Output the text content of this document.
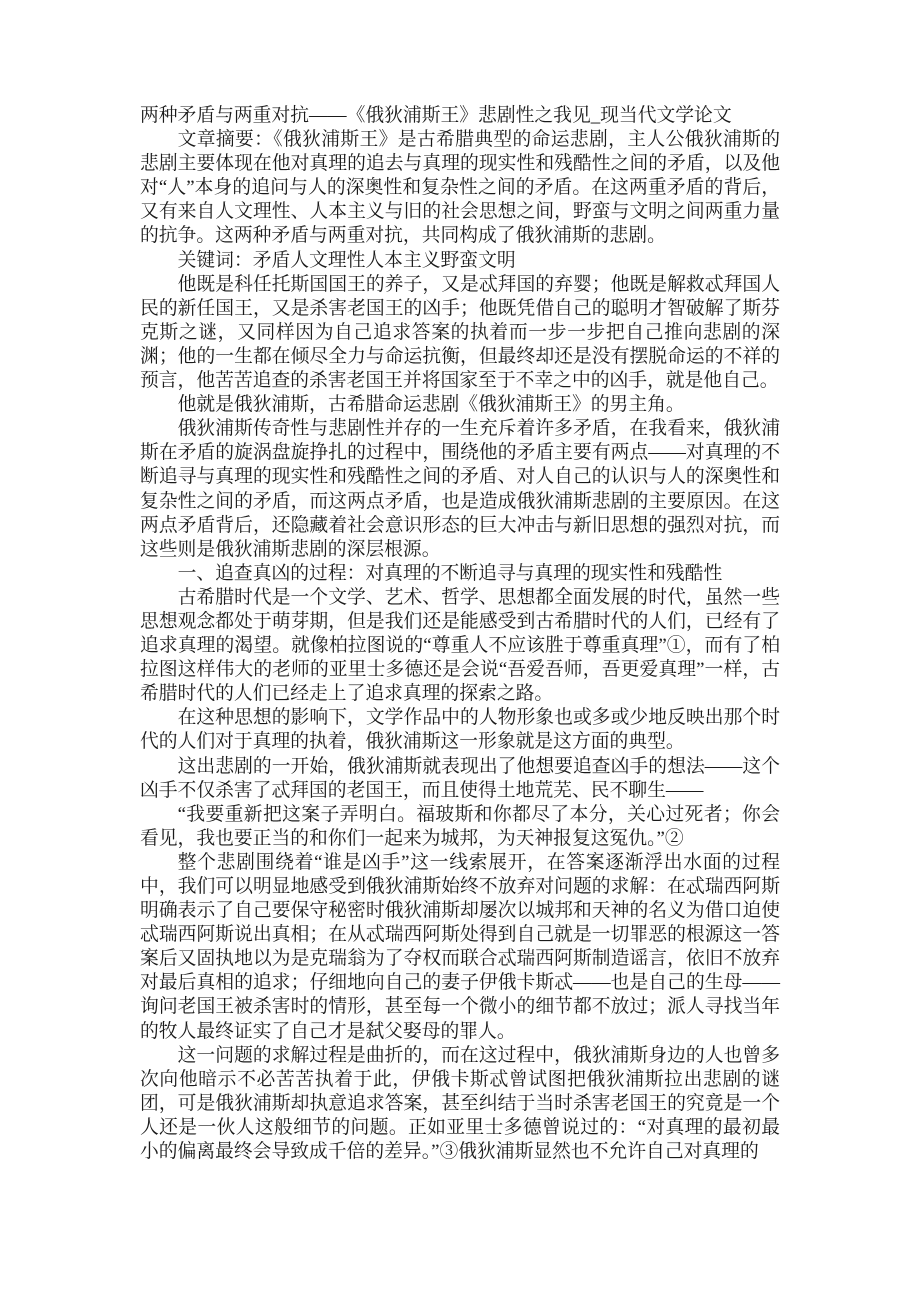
两种矛盾与两重对抗——《俄狄浦斯王》悲剧性之我见_现当代文学论文

文章摘要：《俄狄浦斯王》是古希腊典型的命运悲剧，主人公俄狄浦斯的悲剧主要体现在他对真理的追去与真理的现实性和残酷性之间的矛盾，以及他对“人”本身的追问与人的深奥性和复杂性之间的矛盾。在这两重矛盾的背后，又有来自人文理性、人本主义与旧的社会思想之间，野蛮与文明之间两重力量的抗争。这两种矛盾与两重对抗，共同构成了俄狄浦斯的悲剧。

关键词：矛盾人文理性人本主义野蛮文明

他既是科任托斯国国王的养子，又是忒拜国的弃婴；他既是解救忒拜国人民的新任国王，又是杀害老国王的凶手；他既凭借自己的聪明才智破解了斯芬克斯之谜，又同样因为自己追求答案的执着而一步一步把自己推向悲剧的深渊；他的一生都在倾尽全力与命运抗衡，但最终却还是没有摆脱命运的不祥的预言，他苦苦追查的杀害老国王并将国家至于不幸之中的凶手，就是他自己。

他就是俄狄浦斯，古希腊命运悲剧《俄狄浦斯王》的男主角。

俄狄浦斯传奇性与悲剧性并存的一生充斥着许多矛盾，在我看来，俄狄浦斯在矛盾的旋涡盘旋挣扎的过程中，围绕他的矛盾主要有两点——对真理的不断追寻与真理的现实性和残酷性之间的矛盾、对人自己的认识与人的深奥性和复杂性之间的矛盾，而这两点矛盾，也是造成俄狄浦斯悲剧的主要原因。在这两点矛盾背后，还隐藏着社会意识形态的巨大冲击与新旧思想的强烈对抗，而这些则是俄狄浦斯悲剧的深层根源。

一、追查真凶的过程：对真理的不断追寻与真理的现实性和残酷性

古希腊时代是一个文学、艺术、哲学、思想都全面发展的时代，虽然一些思想观念都处于萌芽期，但是我们还是能感受到古希腊时代的人们，已经有了追求真理的渴望。就像柏拉图说的“尊重人不应该胜于尊重真理”①，而有了柏拉图这样伟大的老师的亚里士多德还是会说“吾爱吾师，吾更爱真理”一样，古希腊时代的人们已经走上了追求真理的探索之路。

在这种思想的影响下，文学作品中的人物形象也或多或少地反映出那个时代的人们对于真理的执着，俄狄浦斯这一形象就是这方面的典型。

这出悲剧的一开始，俄狄浦斯就表现出了他想要追查凶手的想法——这个凶手不仅杀害了忒拜国的老国王，而且使得土地荒芜、民不聊生——

“我要重新把这案子弄明白。福玻斯和你都尽了本分，关心过死者；你会看见，我也要正当的和你们一起来为城邦，为天神报复这冤仇。”②

整个悲剧围绕着“谁是凶手”这一线索展开，在答案逐渐浮出水面的过程中，我们可以明显地感受到俄狄浦斯始终不放弃对问题的求解：在忒瑞西阿斯明确表示了自己要保守秘密时俄狄浦斯却屡次以城邦和天神的名义为借口迫使忒瑞西阿斯说出真相；在从忒瑞西阿斯处得到自己就是一切罪恶的根源这一答案后又固执地以为是克瑞翁为了夺权而联合忒瑞西阿斯制造谣言，依旧不放弃对最后真相的追求；仔细地向自己的妻子伊俄卡斯忒——也是自己的生母——询问老国王被杀害时的情形，甚至每一个微小的细节都不放过；派人寻找当年的牧人最终证实了自己才是弑父娶母的罪人。

这一问题的求解过程是曲折的，而在这过程中，俄狄浦斯身边的人也曾多次向他暗示不必苦苦执着于此，伊俄卡斯忒曾试图把俄狄浦斯拉出悲剧的谜团，可是俄狄浦斯却执意追求答案，甚至纠结于当时杀害老国王的究竟是一个人还是一伙人这般细节的问题。正如亚里士多德曾说过的：“对真理的最初最小的偏离最终会导致成千倍的差异。”③俄狄浦斯显然也不允许自己对真理的
